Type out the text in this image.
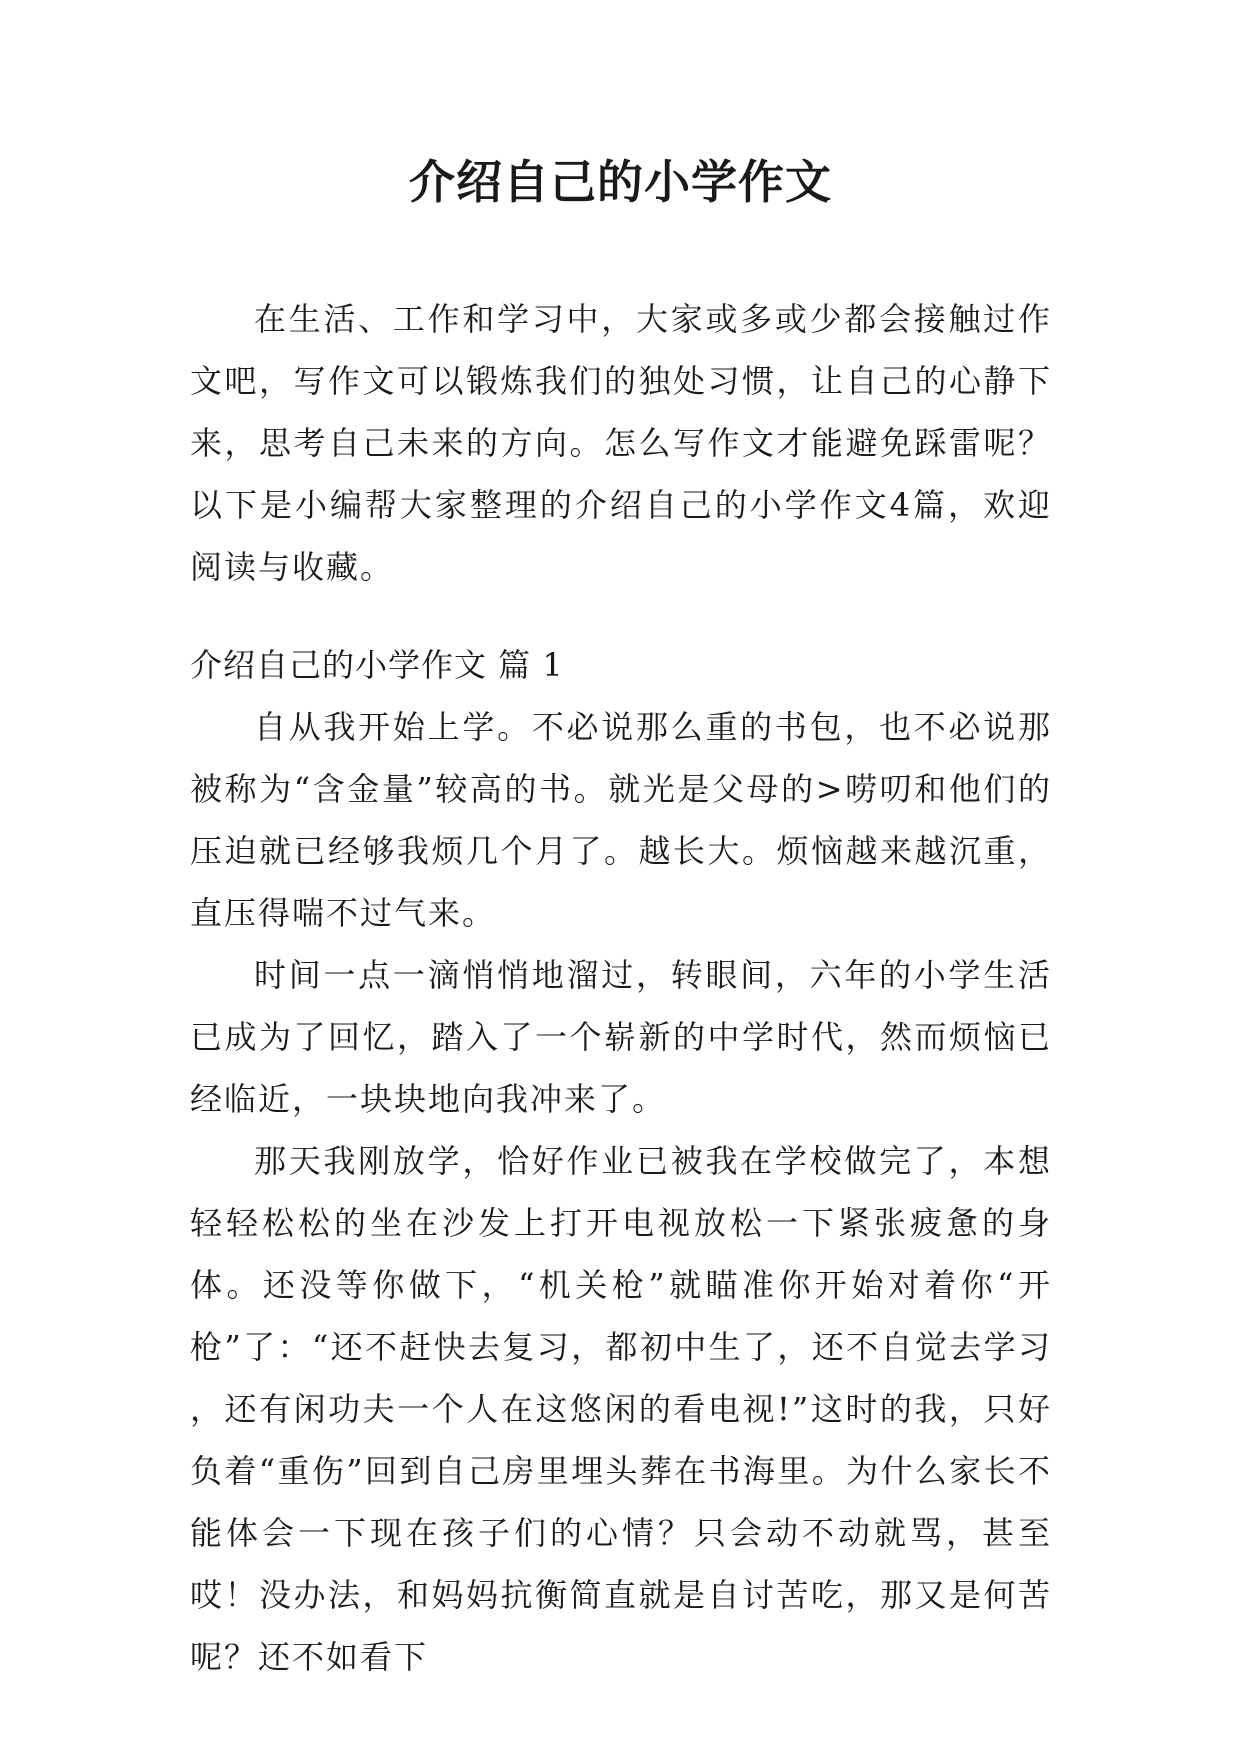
介绍自己的小学作文

在生活、工作和学习中，大家或多或少都会接触过作文吧，写作文可以锻炼我们的独处习惯，让自己的心静下来，思考自己未来的方向。怎么写作文才能避免踩雷呢？以下是小编帮大家整理的介绍自己的小学作文4篇，欢迎阅读与收藏。

介绍自己的小学作文 篇 1

自从我开始上学。不必说那么重的书包，也不必说那被称为“含金量”较高的书。就光是父母的>唠叨和他们的压迫就已经够我烦几个月了。越长大。烦恼越来越沉重，直压得喘不过气来。

时间一点一滴悄悄地溜过，转眼间，六年的小学生活已成为了回忆，踏入了一个崭新的中学时代，然而烦恼已经临近，一块块地向我冲来了。

那天我刚放学，恰好作业已被我在学校做完了，本想轻轻松松的坐在沙发上打开电视放松一下紧张疲惫的身体。还没等你做下，“机关枪”就瞄准你开始对着你“开枪”了：“还不赶快去复习，都初中生了，还不自觉去学习 ，还有闲功夫一个人在这悠闲的看电视!”这时的我，只好负着“重伤”回到自己房里埋头葬在书海里。为什么家长不能体会一下现在孩子们的心情？只会动不动就骂，甚至哎！没办法，和妈妈抗衡简直就是自讨苦吃，那又是何苦呢？还不如看下
